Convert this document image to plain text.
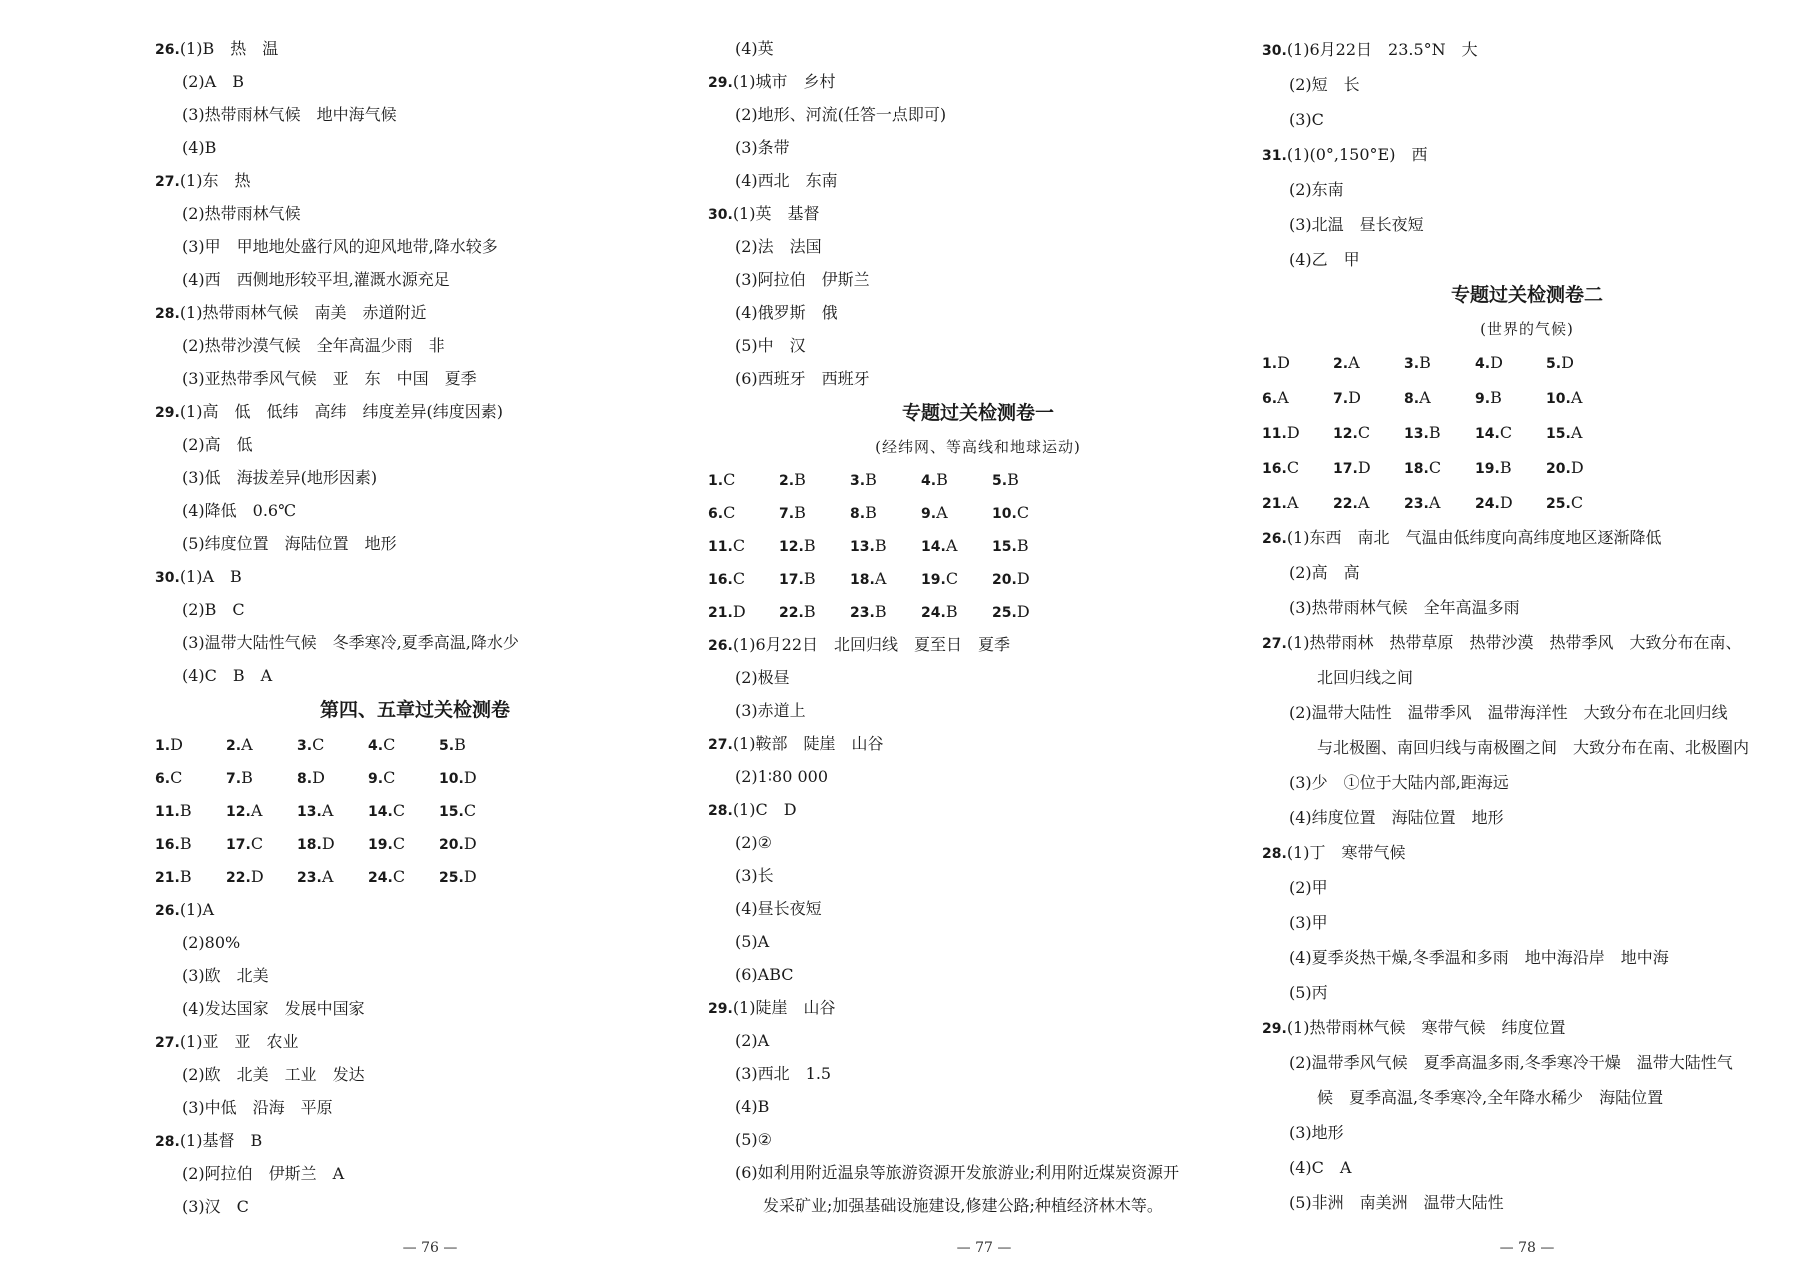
26.(1)B　热　温
(2)A　B
(3)热带雨林气候　地中海气候
(4)B
27.(1)东　热
(2)热带雨林气候
(3)甲　甲地地处盛行风的迎风地带,降水较多
(4)西　西侧地形较平坦,灌溉水源充足
28.(1)热带雨林气候　南美　赤道附近
(2)热带沙漠气候　全年高温少雨　非
(3)亚热带季风气候　亚　东　中国　夏季
29.(1)高　低　低纬　高纬　纬度差异(纬度因素)
(2)高　低
(3)低　海拔差异(地形因素)
(4)降低　0.6℃
(5)纬度位置　海陆位置　地形
30.(1)A　B
(2)B　C
(3)温带大陆性气候　冬季寒冷,夏季高温,降水少
(4)C　B　A
第四、五章过关检测卷
1.D	2.A	3.C	4.C	5.B
6.C	7.B	8.D	9.C	10.D
11.B	12.A	13.A	14.C	15.C
16.B	17.C	18.D	19.C	20.D
21.B	22.D	23.A	24.C	25.D
26.(1)A
(2)80%
(3)欧　北美
(4)发达国家　发展中国家
27.(1)亚　亚　农业
(2)欧　北美　工业　发达
(3)中低　沿海　平原
28.(1)基督　B
(2)阿拉伯　伊斯兰　A
(3)汉　C
(4)英
29.(1)城市　乡村
(2)地形、河流(任答一点即可)
(3)条带
(4)西北　东南
30.(1)英　基督
(2)法　法国
(3)阿拉伯　伊斯兰
(4)俄罗斯　俄
(5)中　汉
(6)西班牙　西班牙
专题过关检测卷一
(经纬网、等高线和地球运动)
1.C	2.B	3.B	4.B	5.B
6.C	7.B	8.B	9.A	10.C
11.C	12.B	13.B	14.A	15.B
16.C	17.B	18.A	19.C	20.D
21.D	22.B	23.B	24.B	25.D
26.(1)6月22日　北回归线　夏至日　夏季
(2)极昼
(3)赤道上
27.(1)鞍部　陡崖　山谷
(2)1∶80 000
28.(1)C　D
(2)②
(3)长
(4)昼长夜短
(5)A
(6)ABC
29.(1)陡崖　山谷
(2)A
(3)西北　1.5
(4)B
(5)②
(6)如利用附近温泉等旅游资源开发旅游业;利用附近煤炭资源开
发采矿业;加强基础设施建设,修建公路;种植经济林木等。
30.(1)6月22日　23.5°N　大
(2)短　长
(3)C
31.(1)(0°,150°E)　西
(2)东南
(3)北温　昼长夜短
(4)乙　甲
专题过关检测卷二
(世界的气候)
1.D	2.A	3.B	4.D	5.D
6.A	7.D	8.A	9.B	10.A
11.D	12.C	13.B	14.C	15.A
16.C	17.D	18.C	19.B	20.D
21.A	22.A	23.A	24.D	25.C
26.(1)东西　南北　气温由低纬度向高纬度地区逐渐降低
(2)高　高
(3)热带雨林气候　全年高温多雨
27.(1)热带雨林　热带草原　热带沙漠　热带季风　大致分布在南、
北回归线之间
(2)温带大陆性　温带季风　温带海洋性　大致分布在北回归线
与北极圈、南回归线与南极圈之间　大致分布在南、北极圈内
(3)少　①位于大陆内部,距海远
(4)纬度位置　海陆位置　地形
28.(1)丁　寒带气候
(2)甲
(3)甲
(4)夏季炎热干燥,冬季温和多雨　地中海沿岸　地中海
(5)丙
29.(1)热带雨林气候　寒带气候　纬度位置
(2)温带季风气候　夏季高温多雨,冬季寒冷干燥　温带大陆性气
候　夏季高温,冬季寒冷,全年降水稀少　海陆位置
(3)地形
(4)C　A
(5)非洲　南美洲　温带大陆性
— 76 —	— 77 —	— 78 —
